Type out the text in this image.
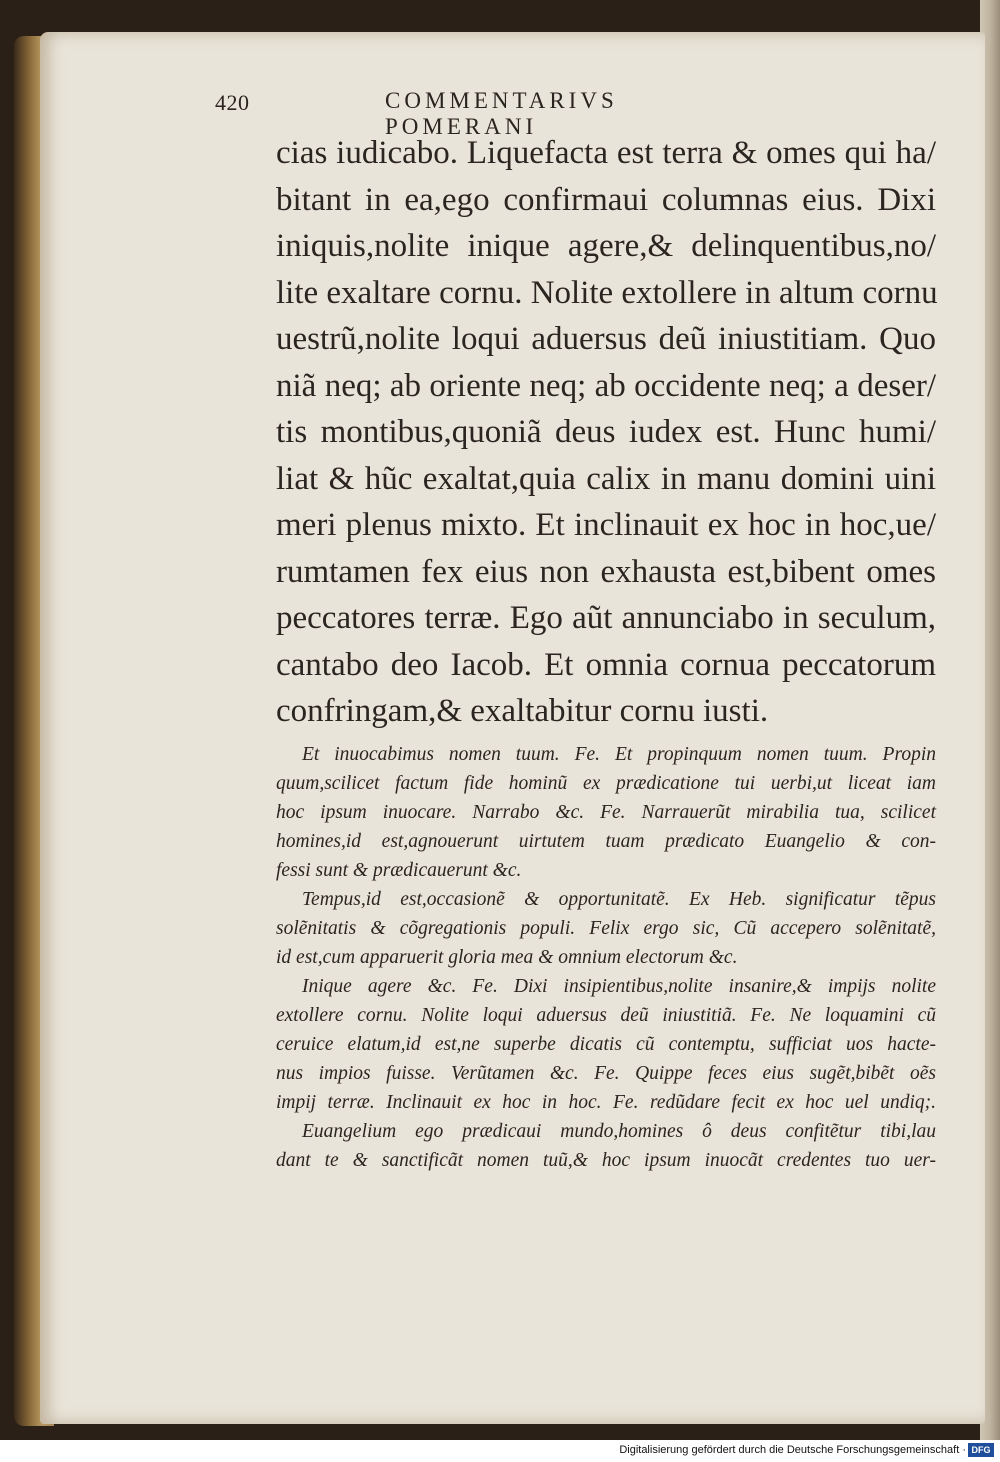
420	COMMENTARIVS POMERANI
cias iudicabo. Liquefacta est terra & omes qui ha/
bitant in ea,ego confirmaui columnas eius. Dixi
iniquis,nolite inique agere,& delinquentibus,no/
lite exaltare cornu. Nolite extollere in altum cornu
uestrũ,nolite loqui aduersus deũ iniustitiam. Quo
niã neq; ab oriente neq; ab occidente neq; a deser/
tis montibus,quoniã deus iudex est. Hunc humi/
liat & hũc exaltat,quia calix in manu domini uini
meri plenus mixto. Et inclinauit ex hoc in hoc,ue/
rumtamen fex eius non exhausta est,bibent omes
peccatores terræ. Ego aũt annunciabo in seculum,
cantabo deo Iacob. Et omnia cornua peccatorum
confringam,& exaltabitur cornu iusti.
Et inuocabimus nomen tuum. Fe. Et propinquum nomen tuum. Propin
quum,scilicet factum fide hominũ ex prædicatione tui uerbi,ut liceat iam
hoc ipsum inuocare. Narrabo &c. Fe. Narrauerũt mirabilia tua, scilicet
homines,id est,agnouerunt uirtutem tuam prædicato Euangelio & con-
fessi sunt & prædicauerunt &c.
Tempus,id est,occasionẽ & opportunitatẽ. Ex Heb. significatur tẽpus
solẽnitatis & cõgregationis populi. Felix ergo sic, Cũ accepero solẽnitatẽ,
id est,cum apparuerit gloria mea & omnium electorum &c.
Inique agere &c. Fe. Dixi insipientibus,nolite insanire,& impijs nolite
extollere cornu. Nolite loqui aduersus deũ iniustitiã. Fe. Ne loquamini cũ
ceruice elatum,id est,ne superbe dicatis cũ contemptu, sufficiat uos hacte-
nus impios fuisse. Verũtamen &c. Fe. Quippe feces eius sugẽt,bibẽt oẽs
impij terræ. Inclinauit ex hoc in hoc. Fe. redũdare fecit ex hoc uel undiq;.
Euangelium ego prædicaui mundo,homines ô deus confitẽtur tibi,lau
dant te & sanctificãt nomen tuũ,& hoc ipsum inuocãt credentes tuo uer-
Digitalisierung gefördert durch die Deutsche Forschungsgemeinschaft · DFG
